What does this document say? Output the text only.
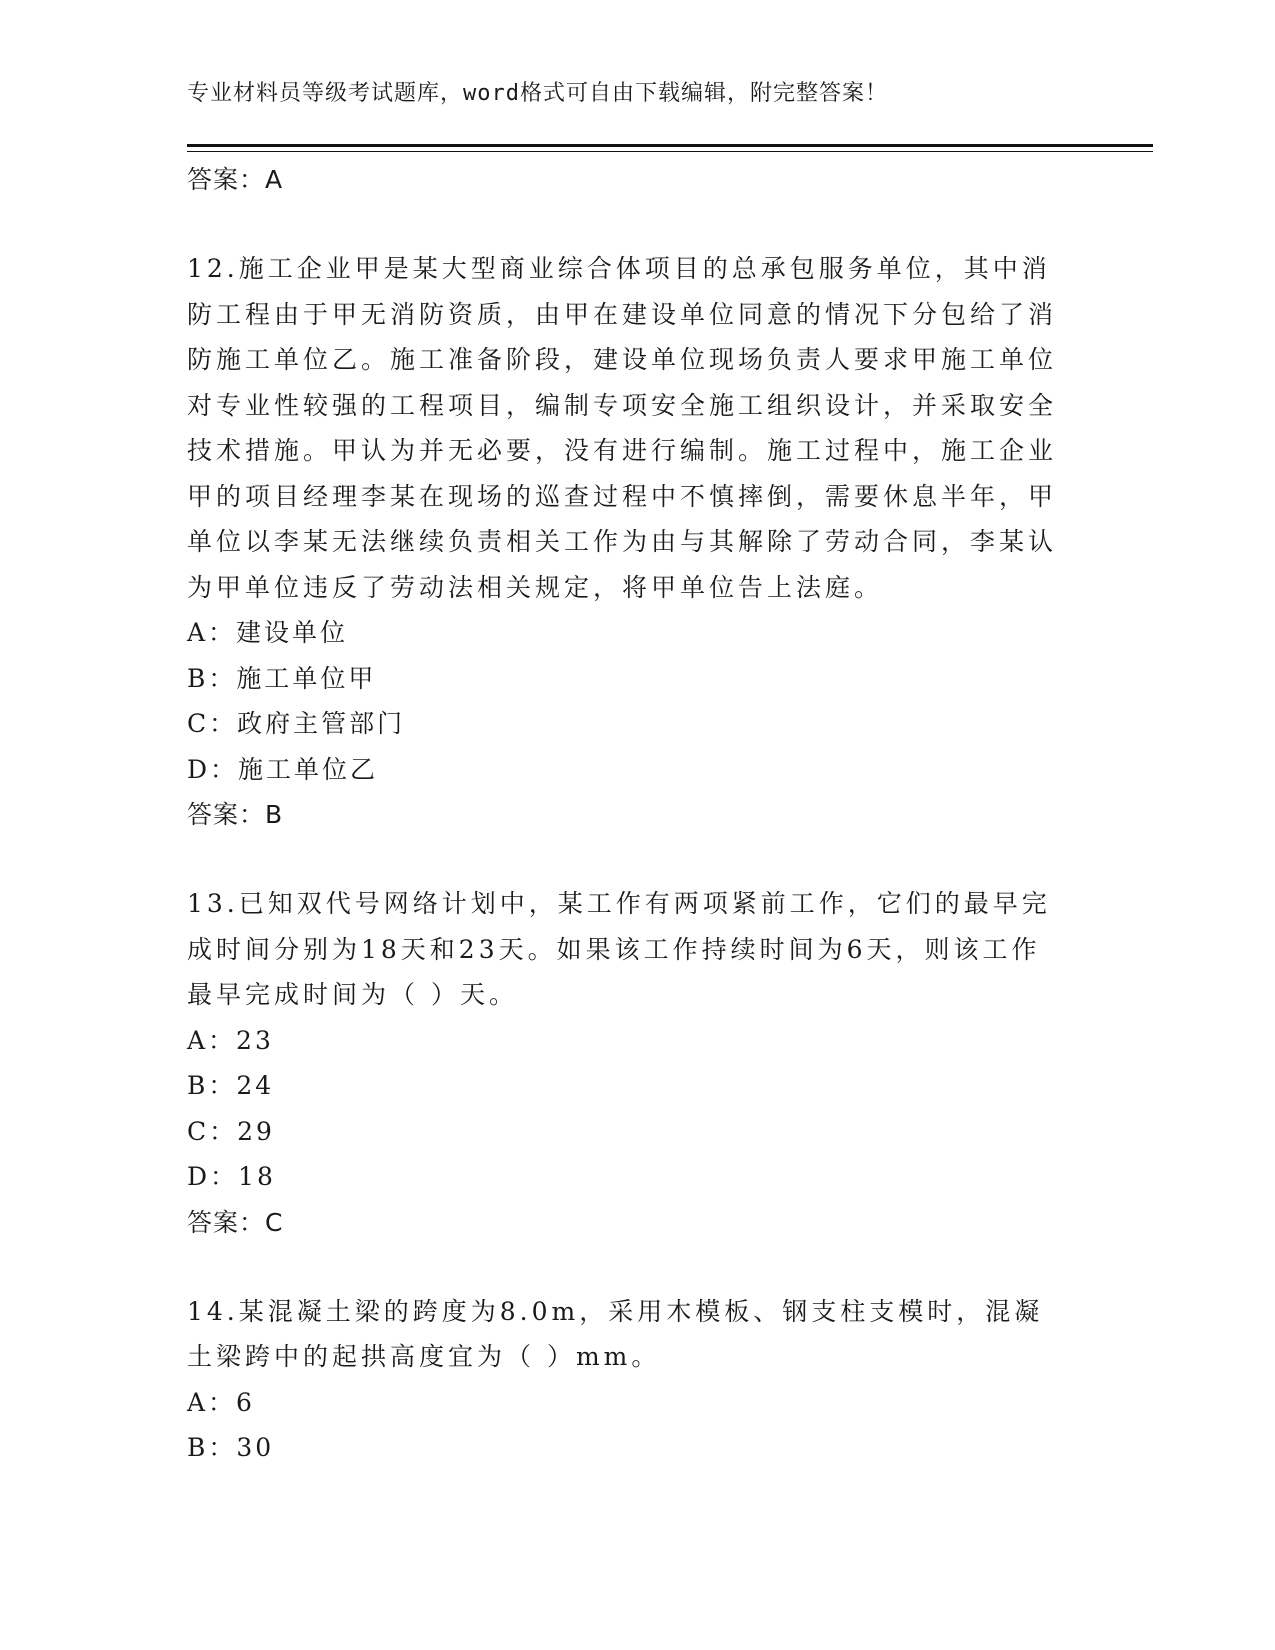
专业材料员等级考试题库，word格式可自由下载编辑，附完整答案！
答案：A

12.施工企业甲是某大型商业综合体项目的总承包服务单位，其中消防工程由于甲无消防资质，由甲在建设单位同意的情况下分包给了消防施工单位乙。施工准备阶段，建设单位现场负责人要求甲施工单位对专业性较强的工程项目，编制专项安全施工组织设计，并采取安全技术措施。甲认为并无必要，没有进行编制。施工过程中，施工企业甲的项目经理李某在现场的巡查过程中不慎摔倒，需要休息半年，甲单位以李某无法继续负责相关工作为由与其解除了劳动合同，李某认为甲单位违反了劳动法相关规定，将甲单位告上法庭。

A：建设单位
B：施工单位甲
C：政府主管部门
D：施工单位乙
答案：B

13.已知双代号网络计划中，某工作有两项紧前工作，它们的最早完成时间分别为18天和23天。如果该工作持续时间为6天，则该工作最早完成时间为（ ）天。

A：23
B：24
C：29
D：18
答案：C

14.某混凝土梁的跨度为8.0m，采用木模板、钢支柱支模时，混凝土梁跨中的起拱高度宜为（ ）mm。

A：6
B：30
